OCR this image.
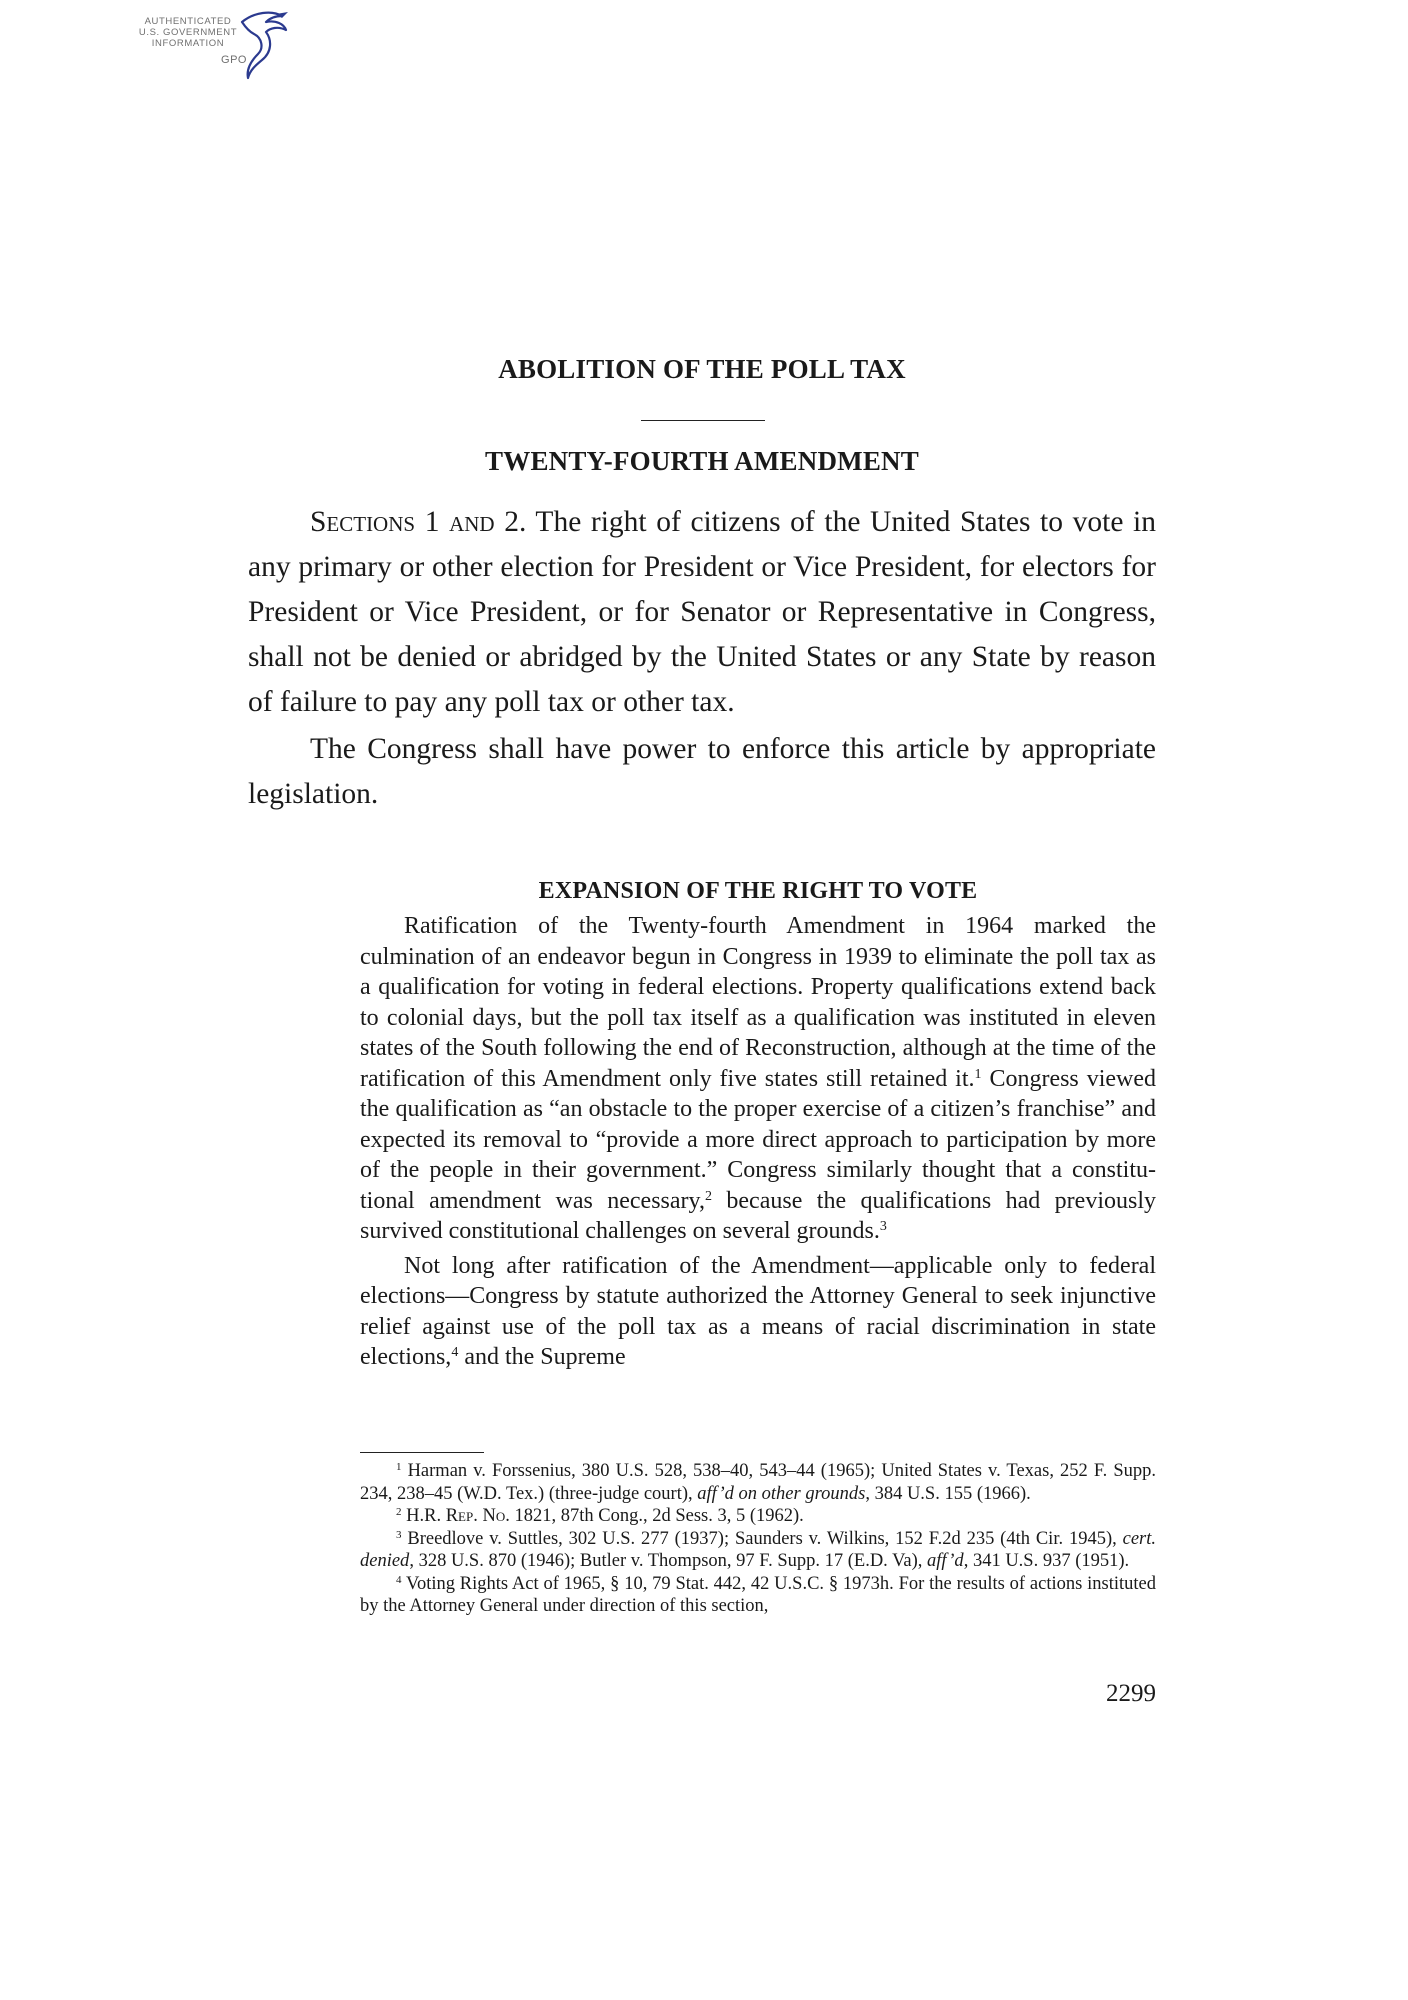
AUTHENTICATED
U.S. GOVERNMENT
INFORMATION
GPO
ABOLITION OF THE POLL TAX
TWENTY-FOURTH AMENDMENT

Sections 1 and 2. The right of citizens of the United States to vote in any primary or other election for President or Vice President, for electors for President or Vice President, or for Senator or Representative in Congress, shall not be denied or abridged by the United States or any State by reason of failure to pay any poll tax or other tax.

The Congress shall have power to enforce this article by appropriate legislation.

EXPANSION OF THE RIGHT TO VOTE

Ratification of the Twenty-fourth Amendment in 1964 marked the culmination of an endeavor begun in Congress in 1939 to eliminate the poll tax as a qualification for voting in federal elections. Property qualifications extend back to colonial days, but the poll tax itself as a qualification was instituted in eleven states of the South following the end of Reconstruction, although at the time of the ratification of this Amendment only five states still retained it.$^1$ Congress viewed the qualification as “an obstacle to the proper exercise of a citizen’s franchise” and expected its removal to “provide a more direct approach to participation by more of the people in their government.” Congress similarly thought that a constitutional amendment was necessary,$^2$ because the qualifications had previously survived constitutional challenges on several grounds.$^3$

Not long after ratification of the Amendment—applicable only to federal elections—Congress by statute authorized the Attorney General to seek injunctive relief against use of the poll tax as a means of racial discrimination in state elections,$^4$ and the Supreme

$^1$ Harman v. Forssenius, 380 U.S. 528, 538–40, 543–44 (1965); United States v. Texas, 252 F. Supp. 234, 238–45 (W.D. Tex.) (three-judge court), aff’d on other grounds, 384 U.S. 155 (1966).

$^2$ H.R. Rep. No. 1821, 87th Cong., 2d Sess. 3, 5 (1962).

$^3$ Breedlove v. Suttles, 302 U.S. 277 (1937); Saunders v. Wilkins, 152 F.2d 235 (4th Cir. 1945), cert. denied, 328 U.S. 870 (1946); Butler v. Thompson, 97 F. Supp. 17 (E.D. Va), aff’d, 341 U.S. 937 (1951).

$^4$ Voting Rights Act of 1965, § 10, 79 Stat. 442, 42 U.S.C. § 1973h. For the results of actions instituted by the Attorney General under direction of this section,

2299
